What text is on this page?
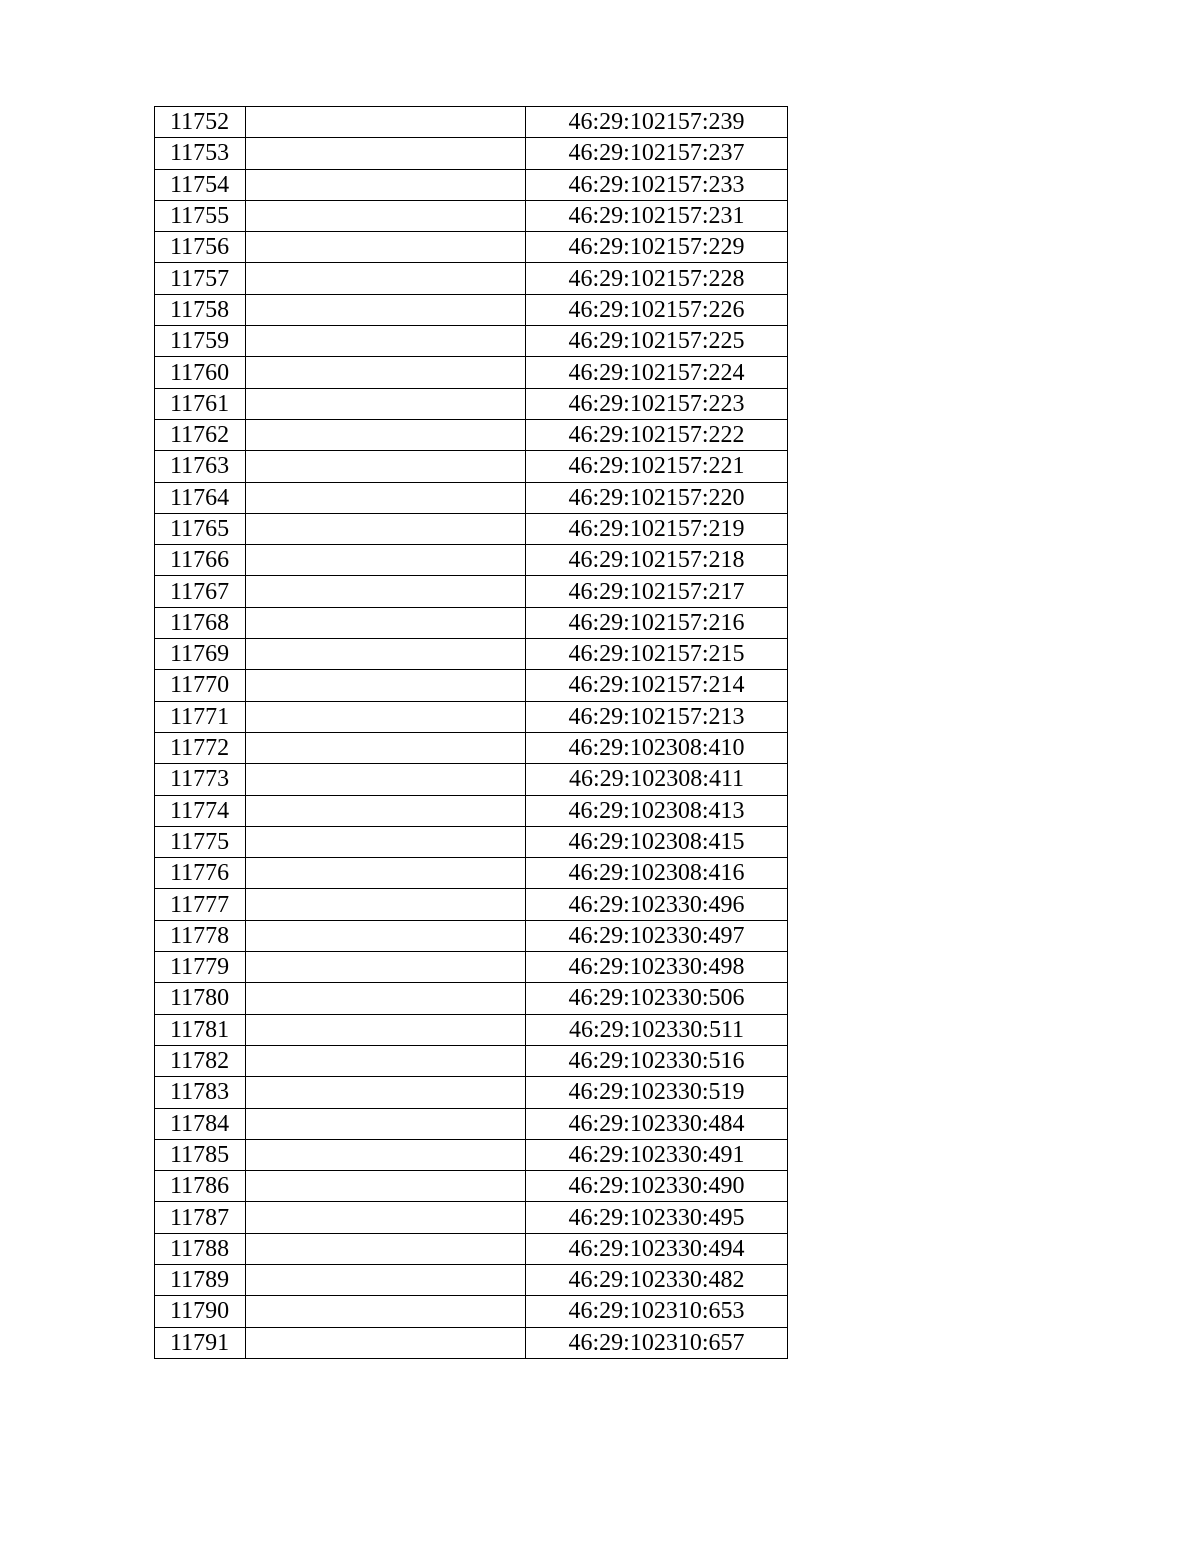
11752		46:29:102157:239
11753		46:29:102157:237
11754		46:29:102157:233
11755		46:29:102157:231
11756		46:29:102157:229
11757		46:29:102157:228
11758		46:29:102157:226
11759		46:29:102157:225
11760		46:29:102157:224
11761		46:29:102157:223
11762		46:29:102157:222
11763		46:29:102157:221
11764		46:29:102157:220
11765		46:29:102157:219
11766		46:29:102157:218
11767		46:29:102157:217
11768		46:29:102157:216
11769		46:29:102157:215
11770		46:29:102157:214
11771		46:29:102157:213
11772		46:29:102308:410
11773		46:29:102308:411
11774		46:29:102308:413
11775		46:29:102308:415
11776		46:29:102308:416
11777		46:29:102330:496
11778		46:29:102330:497
11779		46:29:102330:498
11780		46:29:102330:506
11781		46:29:102330:511
11782		46:29:102330:516
11783		46:29:102330:519
11784		46:29:102330:484
11785		46:29:102330:491
11786		46:29:102330:490
11787		46:29:102330:495
11788		46:29:102330:494
11789		46:29:102330:482
11790		46:29:102310:653
11791		46:29:102310:657
